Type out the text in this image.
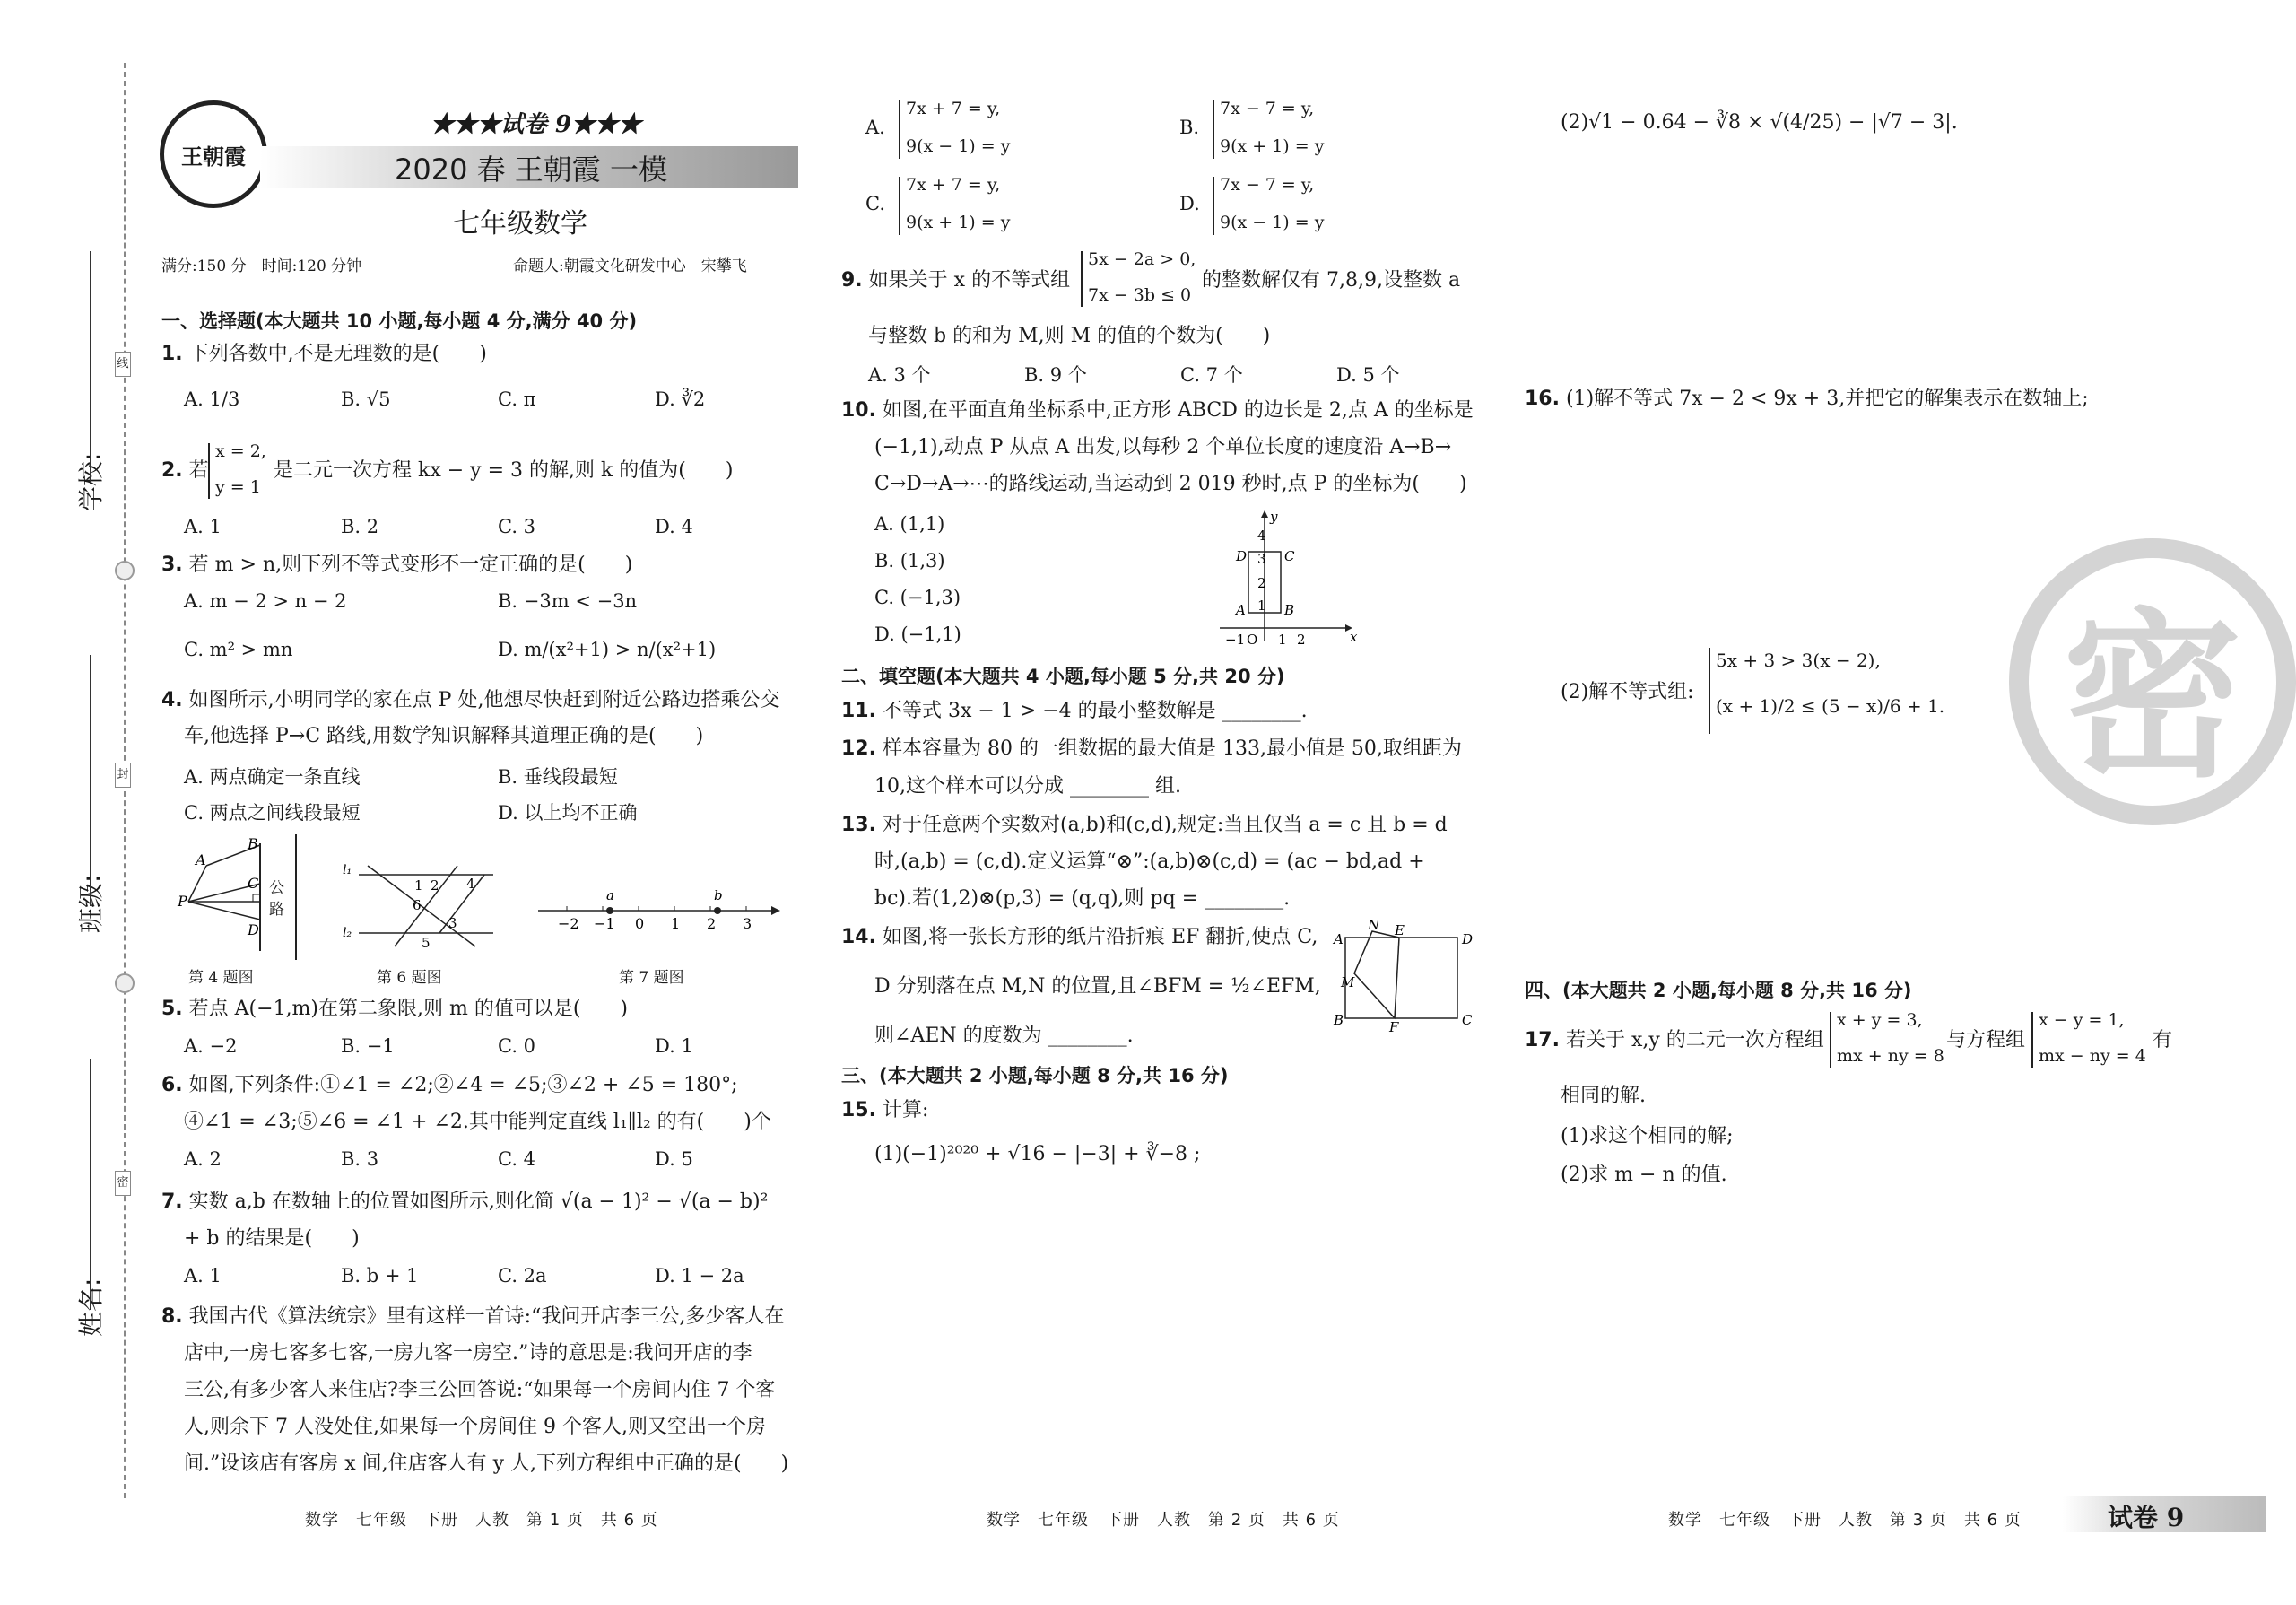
线
封
密
学校:
班级:
姓名:
王朝霞
★★★试卷 9★★★
2020 春 王朝霞 一模
七年级数学
满分:150 分　时间:120 分钟	命题人:朝霞文化研发中心　宋攀飞
一、选择题(本大题共 10 小题,每小题 4 分,满分 40 分)
1. 下列各数中,不是无理数的是(　　)
A. 1/3	B. √5	C. π	D. ∛2
2. 若
x = 2,
y = 1
是二元一次方程 kx − y = 3 的解,则 k 的值为(　　)
A. 1	B. 2	C. 3	D. 4
3. 若 m > n,则下列不等式变形不一定正确的是(　　)
A. m − 2 > n − 2	B. −3m < −3n
C. m² > mn	D. m/(x²+1) > n/(x²+1)
4. 如图所示,小明同学的家在点 P 处,他想尽快赶到附近公路边搭乘公交
车,他选择 P→C 路线,用数学知识解释其道理正确的是(　　)
A. 两点确定一条直线	B. 垂线段最短
C. 两点之间线段最短	D. 以上均不正确
P
A
B
C
D
公路
第 4 题图
l₁
l₂
1 2 4
6
3
5
第 6 题图
−2 −1 0 1 2 3
a	b
第 7 题图
5. 若点 A(−1,m)在第二象限,则 m 的值可以是(　　)
A. −2	B. −1	C. 0	D. 1
6. 如图,下列条件:①∠1 = ∠2;②∠4 = ∠5;③∠2 + ∠5 = 180°;
④∠1 = ∠3;⑤∠6 = ∠1 + ∠2.其中能判定直线 l₁∥l₂ 的有(　　)个
A. 2	B. 3	C. 4	D. 5
7. 实数 a,b 在数轴上的位置如图所示,则化简 √(a − 1)² − √(a − b)²
+ b 的结果是(　　)
A. 1	B. b + 1	C. 2a	D. 1 − 2a
8. 我国古代《算法统宗》里有这样一首诗:“我问开店李三公,多少客人在
店中,一房七客多七客,一房九客一房空.”诗的意思是:我问开店的李
三公,有多少客人来住店?李三公回答说:“如果每一个房间内住 7 个客
人,则余下 7 人没处住,如果每一个房间住 9 个客人,则又空出一个房
间.”设该店有客房 x 间,住店客人有 y 人,下列方程组中正确的是(　　)
数学　七年级　下册　人教　第 1 页　共 6 页
A.
7x + 7 = y,
9(x − 1) = y
B.
7x − 7 = y,
9(x + 1) = y
C.
7x + 7 = y,
9(x + 1) = y
D.
7x − 7 = y,
9(x − 1) = y
9. 如果关于 x 的不等式组
5x − 2a > 0,
7x − 3b ≤ 0
的整数解仅有 7,8,9,设整数 a
与整数 b 的和为 M,则 M 的值的个数为(　　)
A. 3 个	B. 9 个	C. 7 个	D. 5 个
10. 如图,在平面直角坐标系中,正方形 ABCD 的边长是 2,点 A 的坐标是
(−1,1),动点 P 从点 A 出发,以每秒 2 个单位长度的速度沿 A→B→
C→D→A→⋯的路线运动,当运动到 2 019 秒时,点 P 的坐标为(　　)
A. (1,1)
B. (1,3)
C. (−1,3)
D. (−1,1)
4
3
2
1
−1 O 1 2	x
y
D	C
A	B
二、填空题(本大题共 4 小题,每小题 5 分,共 20 分)
11. 不等式 3x − 1 > −4 的最小整数解是 ________.
12. 样本容量为 80 的一组数据的最大值是 133,最小值是 50,取组距为
10,这个样本可以分成 ________ 组.
13. 对于任意两个实数对(a,b)和(c,d),规定:当且仅当 a = c 且 b = d
时,(a,b) = (c,d).定义运算“⊗”:(a,b)⊗(c,d) = (ac − bd,ad +
bc).若(1,2)⊗(p,3) = (q,q),则 pq = ________.
14. 如图,将一张长方形的纸片沿折痕 EF 翻折,使点 C,
D 分别落在点 M,N 的位置,且∠BFM = ½∠EFM,
则∠AEN 的度数为 ________.
A
B
D
C
E
N
M
F
三、(本大题共 2 小题,每小题 8 分,共 16 分)
15. 计算:
(1)(−1)²⁰²⁰ + √16 − |−3| + ∛−8 ;
数学　七年级　下册　人教　第 2 页　共 6 页
(2)√1 − 0.64 − ∛8 × √(4/25) − |√7 − 3|.
16. (1)解不等式 7x − 2 < 9x + 3,并把它的解集表示在数轴上;
(2)解不等式组:
5x + 3 > 3(x − 2),
(x + 1)/2 ≤ (5 − x)/6 + 1. 密
四、(本大题共 2 小题,每小题 8 分,共 16 分)
17. 若关于 x,y 的二元一次方程组
x + y = 3,
mx + ny = 8
与方程组
x − y = 1,
mx − ny = 4
有
相同的解.
(1)求这个相同的解;
(2)求 m − n 的值.
数学　七年级　下册　人教　第 3 页　共 6 页	试卷 9
